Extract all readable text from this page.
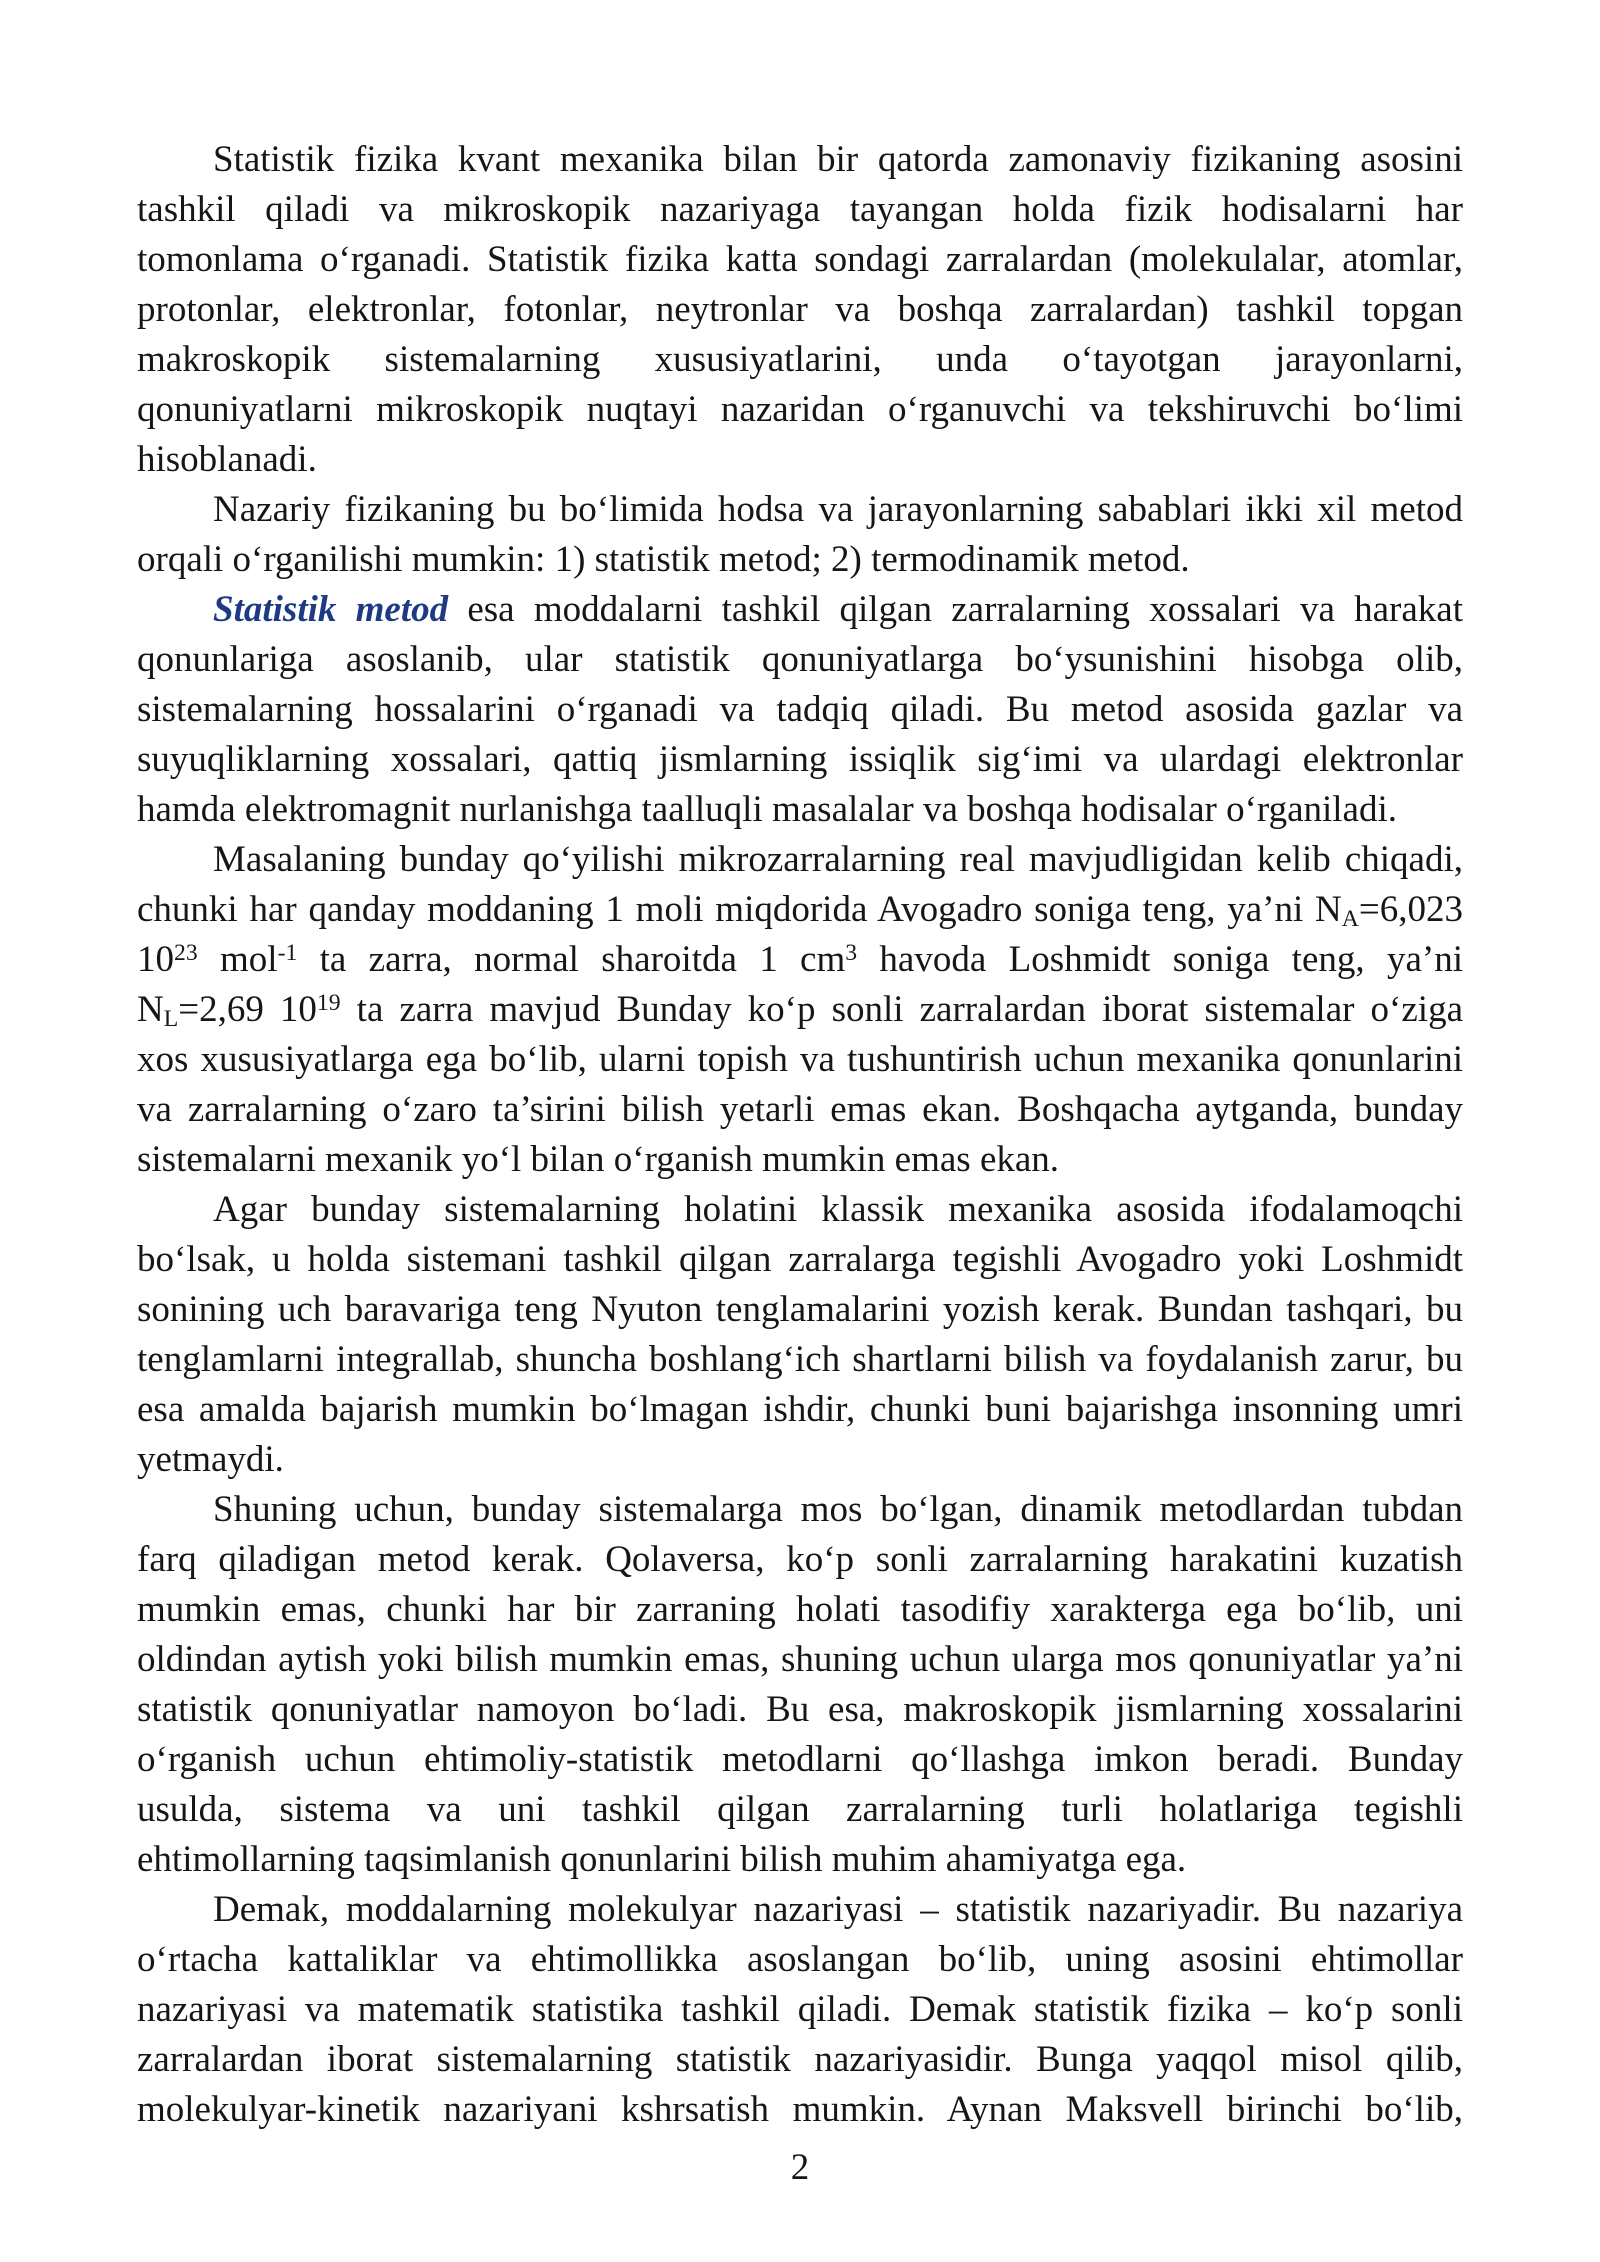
Statistik fizika kvant mexanika bilan bir qatorda zamonaviy fizikaning asosini
tashkil qiladi va mikroskopik nazariyaga tayangan holda fizik hodisalarni har
tomonlama o‘rganadi. Statistik fizika katta sondagi zarralardan (molekulalar, atomlar,
protonlar, elektronlar, fotonlar, neytronlar va boshqa zarralardan) tashkil topgan
makroskopik sistemalarning xususiyatlarini, unda o‘tayotgan jarayonlarni,
qonuniyatlarni mikroskopik nuqtayi nazaridan o‘rganuvchi va tekshiruvchi bo‘limi
hisoblanadi.
Nazariy fizikaning bu bo‘limida hodsa va jarayonlarning sabablari ikki xil metod
orqali o‘rganilishi mumkin: 1) statistik metod; 2) termodinamik metod.
Statistik metod esa moddalarni tashkil qilgan zarralarning xossalari va harakat
qonunlariga asoslanib, ular statistik qonuniyatlarga bo‘ysunishini hisobga olib,
sistemalarning hossalarini o‘rganadi va tadqiq qiladi. Bu metod asosida gazlar va
suyuqliklarning xossalari, qattiq jismlarning issiqlik sig‘imi va ulardagi elektronlar
hamda elektromagnit nurlanishga taalluqli masalalar va boshqa hodisalar o‘rganiladi.
Masalaning bunday qo‘yilishi mikrozarralarning real mavjudligidan kelib chiqadi,
chunki har qanday moddaning 1 moli miqdorida Avogadro soniga teng, ya’ni NA=6,023
$10^{23}$ mol$^{-1}$ ta zarra, normal sharoitda 1 $cm^3$ havoda Loshmidt soniga teng, ya’ni
NL=2,69 $10^{19}$ ta zarra mavjud Bunday ko‘p sonli zarralardan iborat sistemalar o‘ziga
xos xususiyatlarga ega bo‘lib, ularni topish va tushuntirish uchun mexanika qonunlarini
va zarralarning o‘zaro ta’sirini bilish yetarli emas ekan. Boshqacha aytganda, bunday
sistemalarni mexanik yo‘l bilan o‘rganish mumkin emas ekan.
Agar bunday sistemalarning holatini klassik mexanika asosida ifodalamoqchi
bo‘lsak, u holda sistemani tashkil qilgan zarralarga tegishli Avogadro yoki Loshmidt
sonining uch baravariga teng Nyuton tenglamalarini yozish kerak. Bundan tashqari, bu
tenglamlarni integrallab, shuncha boshlang‘ich shartlarni bilish va foydalanish zarur, bu
esa amalda bajarish mumkin bo‘lmagan ishdir, chunki buni bajarishga insonning umri
yetmaydi.
Shuning uchun, bunday sistemalarga mos bo‘lgan, dinamik metodlardan tubdan
farq qiladigan metod kerak. Qolaversa, ko‘p sonli zarralarning harakatini kuzatish
mumkin emas, chunki har bir zarraning holati tasodifiy xarakterga ega bo‘lib, uni
oldindan aytish yoki bilish mumkin emas, shuning uchun ularga mos qonuniyatlar ya’ni
statistik qonuniyatlar namoyon bo‘ladi. Bu esa, makroskopik jismlarning xossalarini
o‘rganish uchun ehtimoliy-statistik metodlarni qo‘llashga imkon beradi. Bunday
usulda, sistema va uni tashkil qilgan zarralarning turli holatlariga tegishli
ehtimollarning taqsimlanish qonunlarini bilish muhim ahamiyatga ega.
Demak, moddalarning molekulyar nazariyasi – statistik nazariyadir. Bu nazariya
o‘rtacha kattaliklar va ehtimollikka asoslangan bo‘lib, uning asosini ehtimollar
nazariyasi va matematik statistika tashkil qiladi. Demak statistik fizika – ko‘p sonli
zarralardan iborat sistemalarning statistik nazariyasidir. Bunga yaqqol misol qilib,
molekulyar-kinetik nazariyani kshrsatish mumkin. Aynan Maksvell birinchi bo‘lib,
2
